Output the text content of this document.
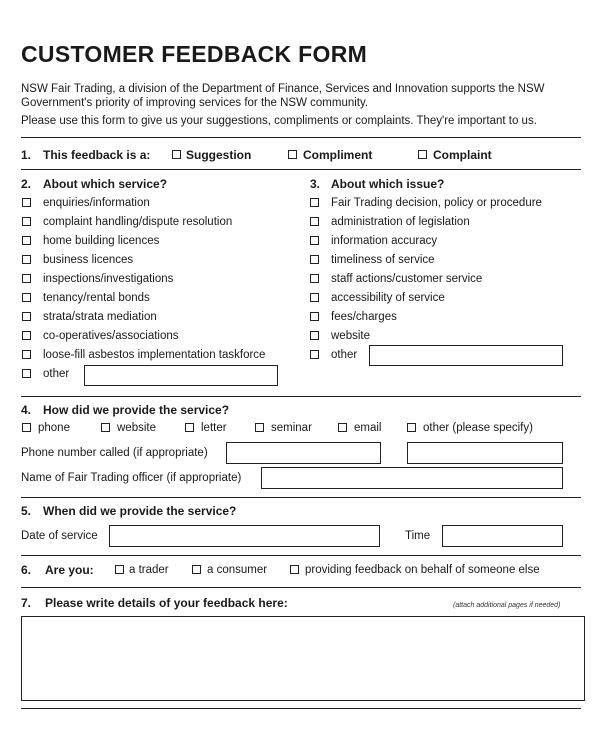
CUSTOMER FEEDBACK FORM
NSW Fair Trading, a division of the Department of Finance, Services and Innovation supports the NSW
Government's priority of improving services for the NSW community.
Please use this form to give us your suggestions, compliments or complaints. They're important to us.
1. This feedback is a:	Suggestion	Compliment	Complaint
2. About which service?
enquiries/information
complaint handling/dispute resolution
home building licences
business licences
inspections/investigations
tenancy/rental bonds
strata/strata mediation
co-operatives/associations
loose-fill asbestos implementation taskforce
other
3. About which issue?
Fair Trading decision, policy or procedure
administration of legislation
information accuracy
timeliness of service
staff actions/customer service
accessibility of service
fees/charges
website
other
4. How did we provide the service?
phone	website	letter	seminar	email	other (please specify)
Phone number called (if appropriate)
Name of Fair Trading officer (if appropriate)
5. When did we provide the service?
Date of service	Time
6. Are you:	a trader	a consumer	providing feedback on behalf of someone else
7. Please write details of your feedback here:	(attach additional pages if needed)
